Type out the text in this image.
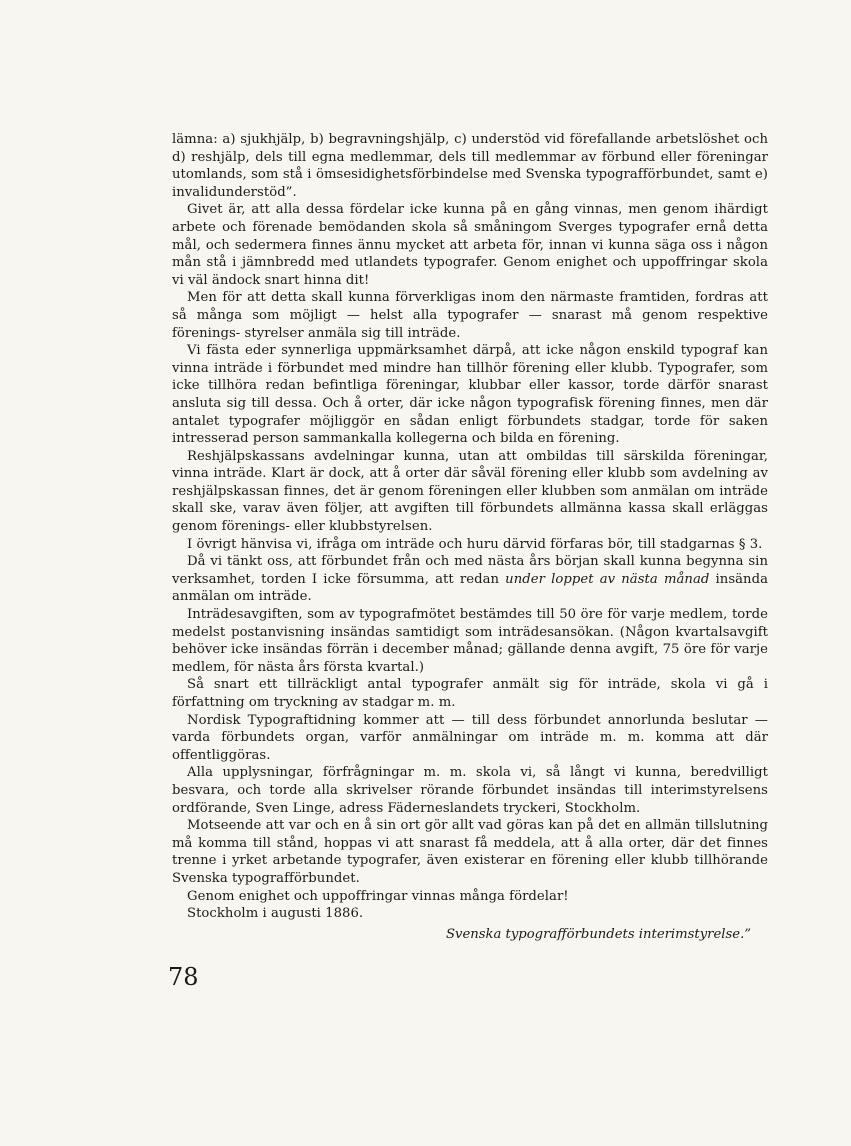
lämna: a) sjukhjälp, b) begravningshjälp, c) understöd vid förefallande arbetslöshet och d) reshjälp, dels till egna medlemmar, dels till medlemmar av förbund eller föreningar utomlands, som stå i ömsesidighetsförbindelse med Svenska typografförbundet, samt e) invalidunderstöd”.

Givet är, att alla dessa fördelar icke kunna på en gång vinnas, men genom ihärdigt arbete och förenade bemödanden skola så småningom Sverges typografer ernå detta mål, och sedermera finnes ännu mycket att arbeta för, innan vi kunna säga oss i någon mån stå i jämnbredd med utlandets typografer. Genom enighet och uppoffringar skola vi väl ändock snart hinna dit!

Men för att detta skall kunna förverkligas inom den närmaste framtiden, fordras att så många som möjligt — helst alla typografer — snarast må genom respektive förenings- styrelser anmäla sig till inträde.

Vi fästa eder synnerliga uppmärksamhet därpå, att icke någon enskild typograf kan vinna inträde i förbundet med mindre han tillhör förening eller klubb. Typografer, som icke tillhöra redan befintliga föreningar, klubbar eller kassor, torde därför snarast ansluta sig till dessa. Och å orter, där icke någon typografisk förening finnes, men där antalet typografer möjliggör en sådan enligt förbundets stadgar, torde för saken intresserad person sammankalla kollegerna och bilda en förening.

Reshjälpskassans avdelningar kunna, utan att ombildas till särskilda föreningar, vinna inträde. Klart är dock, att å orter där såväl förening eller klubb som avdelning av reshjälpskassan finnes, det är genom föreningen eller klubben som anmälan om inträde skall ske, varav även följer, att avgiften till förbundets allmänna kassa skall erläggas genom förenings- eller klubbstyrelsen.

I övrigt hänvisa vi, ifråga om inträde och huru därvid förfaras bör, till stadgarnas § 3.

Då vi tänkt oss, att förbundet från och med nästa års början skall kunna begynna sin verksamhet, torden I icke försumma, att redan under loppet av nästa månad insända anmälan om inträde.

Inträdesavgiften, som av typografmötet bestämdes till 50 öre för varje medlem, torde medelst postanvisning insändas samtidigt som inträdesansökan. (Någon kvartalsavgift behöver icke insändas förrän i december månad; gällande denna avgift, 75 öre för varje medlem, för nästa års första kvartal.)

Så snart ett tillräckligt antal typografer anmält sig för inträde, skola vi gå i författning om tryckning av stadgar m. m.

Nordisk Typograftidning kommer att — till dess förbundet annorlunda beslutar — varda förbundets organ, varför anmälningar om inträde m. m. komma att där offentliggöras.

Alla upplysningar, förfrågningar m. m. skola vi, så långt vi kunna, beredvilligt besvara, och torde alla skrivelser rörande förbundet insändas till interimstyrelsens ordförande, Sven Linge, adress Fäderneslandets tryckeri, Stockholm.

Motseende att var och en å sin ort gör allt vad göras kan på det en allmän tillslutning må komma till stånd, hoppas vi att snarast få meddela, att å alla orter, där det finnes trenne i yrket arbetande typografer, även existerar en förening eller klubb tillhörande Svenska typografförbundet.

Genom enighet och uppoffringar vinnas många fördelar!

Stockholm i augusti 1886.

Svenska typografförbundets interimstyrelse.”
78
